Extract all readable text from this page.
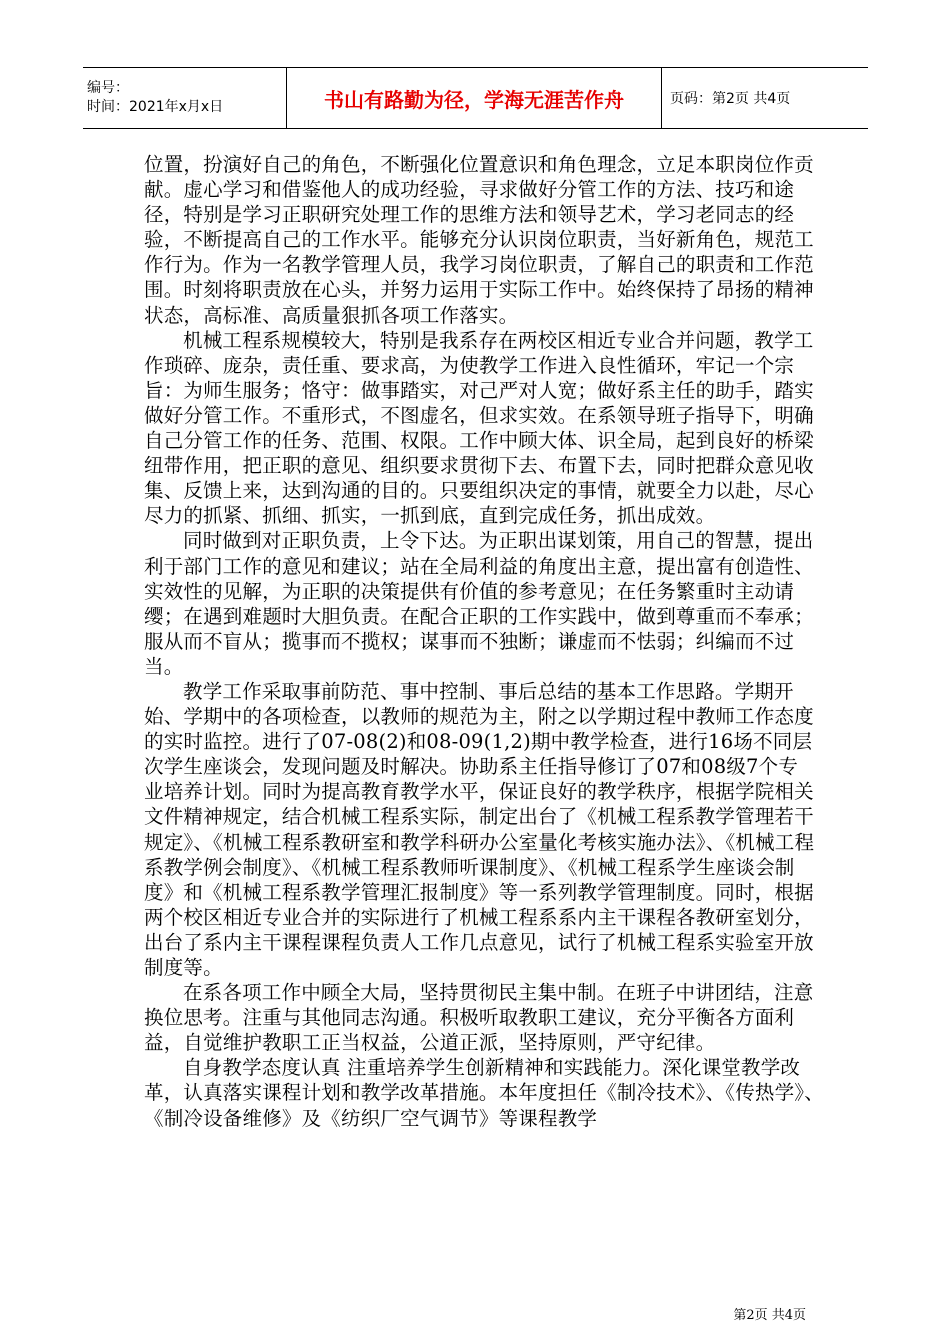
编号：
时间：2021年x月x日	书山有路勤为径，学海无涯苦作舟	页码：第2页 共4页

位置，扮演好自己的角色，不断强化位置意识和角色理念，立足本职岗位作贡献。虚心学习和借鉴他人的成功经验，寻求做好分管工作的方法、技巧和途径，特别是学习正职研究处理工作的思维方法和领导艺术，学习老同志的经验，不断提高自己的工作水平。能够充分认识岗位职责，当好新角色，规范工作行为。作为一名教学管理人员，我学习岗位职责，了解自己的职责和工作范围。时刻将职责放在心头，并努力运用于实际工作中。始终保持了昂扬的精神状态，高标准、高质量狠抓各项工作落实。

机械工程系规模较大，特别是我系存在两校区相近专业合并问题，教学工作琐碎、庞杂，责任重、要求高，为使教学工作进入良性循环，牢记一个宗旨：为师生服务；恪守：做事踏实，对己严对人宽；做好系主任的助手，踏实做好分管工作。不重形式，不图虚名，但求实效。在系领导班子指导下，明确自己分管工作的任务、范围、权限。工作中顾大体、识全局，起到良好的桥梁纽带作用，把正职的意见、组织要求贯彻下去、布置下去，同时把群众意见收集、反馈上来，达到沟通的目的。只要组织决定的事情，就要全力以赴，尽心尽力的抓紧、抓细、抓实，一抓到底，直到完成任务，抓出成效。

同时做到对正职负责，上令下达。为正职出谋划策，用自己的智慧，提出利于部门工作的意见和建议；站在全局利益的角度出主意，提出富有创造性、实效性的见解，为正职的决策提供有价值的参考意见；在任务繁重时主动请缨；在遇到难题时大胆负责。在配合正职的工作实践中，做到尊重而不奉承；服从而不盲从；揽事而不揽权；谋事而不独断；谦虚而不怯弱；纠编而不过当。

教学工作采取事前防范、事中控制、事后总结的基本工作思路。学期开始、学期中的各项检查，以教师的规范为主，附之以学期过程中教师工作态度的实时监控。进行了07-08(2)和08-09(1,2)期中教学检查，进行16场不同层次学生座谈会，发现问题及时解决。协助系主任指导修订了07和08级7个专业培养计划。同时为提高教育教学水平，保证良好的教学秩序，根据学院相关文件精神规定，结合机械工程系实际，制定出台了《机械工程系教学管理若干规定》、《机械工程系教研室和教学科研办公室量化考核实施办法》、《机械工程系教学例会制度》、《机械工程系教师听课制度》、《机械工程系学生座谈会制度》和《机械工程系教学管理汇报制度》等一系列教学管理制度。同时，根据两个校区相近专业合并的实际进行了机械工程系系内主干课程各教研室划分，出台了系内主干课程课程负责人工作几点意见，试行了机械工程系实验室开放制度等。

在系各项工作中顾全大局，坚持贯彻民主集中制。在班子中讲团结，注意换位思考。注重与其他同志沟通。积极听取教职工建议，充分平衡各方面利益，自觉维护教职工正当权益，公道正派，坚持原则，严守纪律。

自身教学态度认真 注重培养学生创新精神和实践能力。深化课堂教学改革，认真落实课程计划和教学改革措施。本年度担任《制冷技术》、《传热学》、　《制冷设备维修》及《纺织厂空气调节》等课程教学

第2页 共4页
